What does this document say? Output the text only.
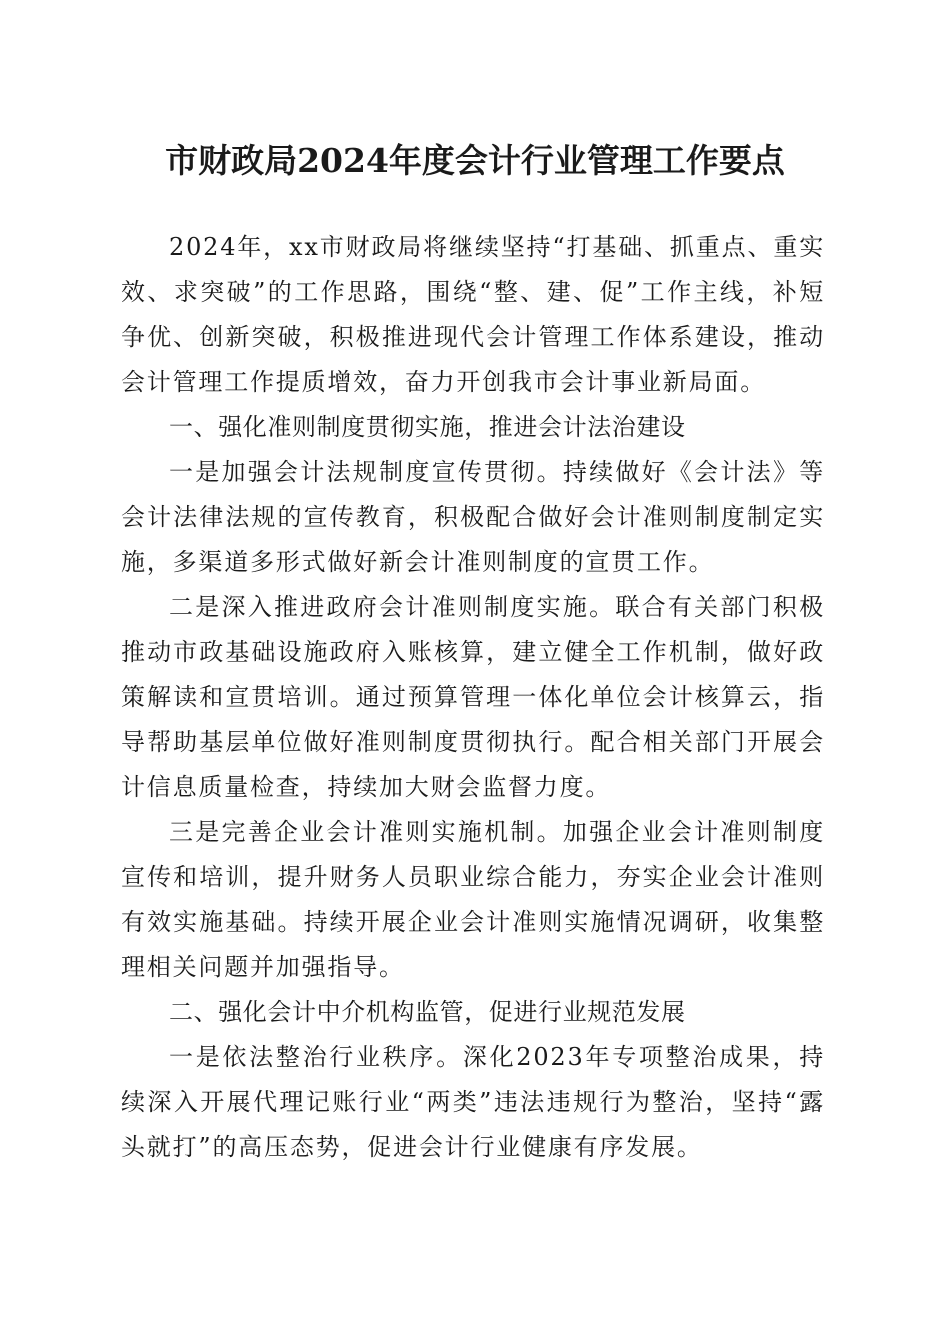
市财政局2024年度会计行业管理工作要点

2024年，xx市财政局将继续坚持“打基础、抓重点、重实效、求突破”的工作思路，围绕“整、建、促”工作主线，补短争优、创新突破，积极推进现代会计管理工作体系建设，推动会计管理工作提质增效，奋力开创我市会计事业新局面。

一、强化准则制度贯彻实施，推进会计法治建设

一是加强会计法规制度宣传贯彻。持续做好《会计法》等会计法律法规的宣传教育，积极配合做好会计准则制度制定实施，多渠道多形式做好新会计准则制度的宣贯工作。

二是深入推进政府会计准则制度实施。联合有关部门积极推动市政基础设施政府入账核算，建立健全工作机制，做好政策解读和宣贯培训。通过预算管理一体化单位会计核算云，指导帮助基层单位做好准则制度贯彻执行。配合相关部门开展会计信息质量检查，持续加大财会监督力度。

三是完善企业会计准则实施机制。加强企业会计准则制度宣传和培训，提升财务人员职业综合能力，夯实企业会计准则有效实施基础。持续开展企业会计准则实施情况调研，收集整理相关问题并加强指导。

二、强化会计中介机构监管，促进行业规范发展

一是依法整治行业秩序。深化2023年专项整治成果，持续深入开展代理记账行业“两类”违法违规行为整治，坚持“露头就打”的高压态势，促进会计行业健康有序发展。
